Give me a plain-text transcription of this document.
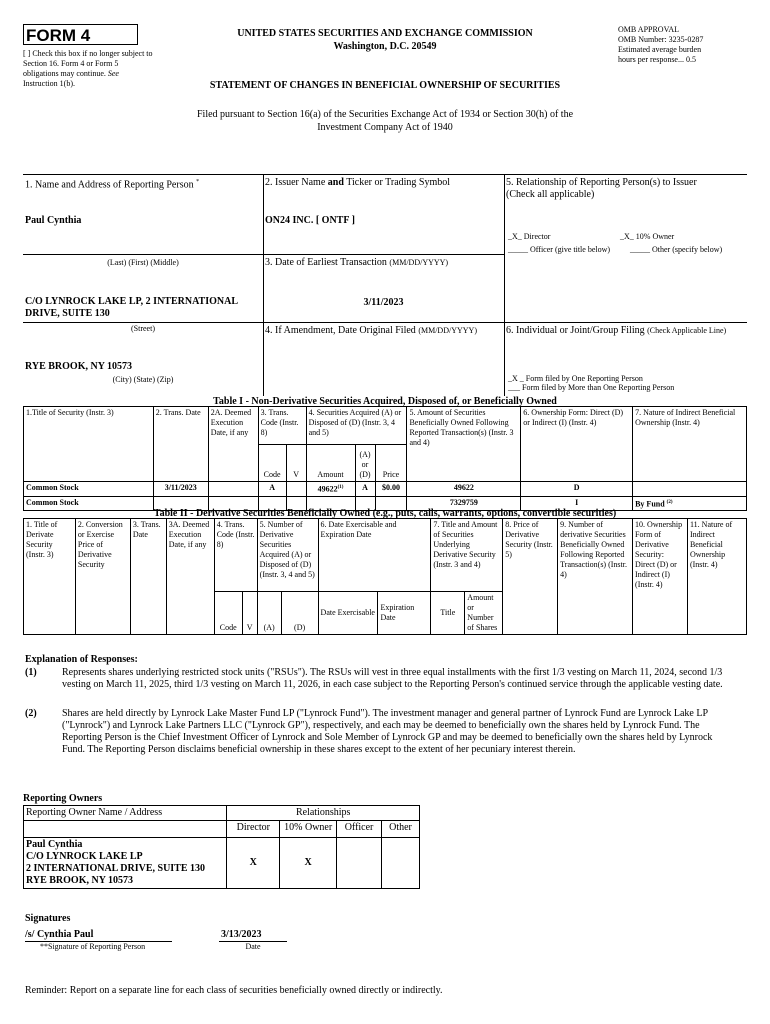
FORM 4
[ ] Check this box if no longer subject to Section 16. Form 4 or Form 5 obligations may continue. See Instruction 1(b).
UNITED STATES SECURITIES AND EXCHANGE COMMISSION
Washington, D.C. 20549
STATEMENT OF CHANGES IN BENEFICIAL OWNERSHIP OF SECURITIES
OMB APPROVAL
OMB Number: 3235-0287
Estimated average burden
hours per response... 0.5
Filed pursuant to Section 16(a) of the Securities Exchange Act of 1934 or Section 30(h) of the
Investment Company Act of 1940
1. Name and Address of Reporting Person *
Paul Cynthia
(Last) (First) (Middle)
C/O LYNROCK LAKE LP, 2 INTERNATIONAL DRIVE, SUITE 130
(Street)
RYE BROOK, NY 10573
(City) (State) (Zip)
2. Issuer Name and Ticker or Trading Symbol
ON24 INC. [ ONTF ]
3. Date of Earliest Transaction (MM/DD/YYYY)
3/11/2023
4. If Amendment, Date Original Filed (MM/DD/YYYY)
5. Relationship of Reporting Person(s) to Issuer
(Check all applicable)
_X_ Director	_X_ 10% Owner
_____ Officer (give title below) _____ Other (specify below)
6. Individual or Joint/Group Filing (Check Applicable Line)
_X _ Form filed by One Reporting Person
___ Form filed by More than One Reporting Person
Table I - Non-Derivative Securities Acquired, Disposed of, or Beneficially Owned
1.Title of Security (Instr. 3)	2. Trans. Date	2A. Deemed Execution Date, if any	3. Trans. Code (Instr. 8)		4. Securities Acquired (A) or Disposed of (D) (Instr. 3, 4 and 5)			5. Amount of Securities Beneficially Owned Following Reported Transaction(s) (Instr. 3 and 4)	6. Ownership Form: Direct (D) or Indirect (I) (Instr. 4)	7. Nature of Indirect Beneficial Ownership (Instr. 4)
			Code	V	Amount	(A) or (D)	Price			
Common Stock	3/11/2023		A		49622$^{(1)}$	A	$0.00	49622	D	
Common Stock								7329759	I	By Fund $^{(2)}$
Table II - Derivative Securities Beneficially Owned (e.g., puts, calls, warrants, options, convertible securities)
1. Title of Derivate Security (Instr. 3)	2. Conversion or Exercise Price of Derivative Security	3. Trans. Date	3A. Deemed Execution Date, if any	4. Trans. Code (Instr. 8)		5. Number of Derivative Securities Acquired (A) or Disposed of (D) (Instr. 3, 4 and 5)		6. Date Exercisable and Expiration Date		7. Title and Amount of Securities Underlying Derivative Security (Instr. 3 and 4)		8. Price of Derivative Security (Instr. 5)	9. Number of derivative Securities Beneficially Owned Following Reported Transaction(s) (Instr. 4)	10. Ownership Form of Derivative Security: Direct (D) or Indirect (I) (Instr. 4)	11. Nature of Indirect Beneficial Ownership (Instr. 4)
				Code	V	(A)	(D)	Date Exercisable	Expiration Date	Title	Amount or Number of Shares				
Explanation of Responses:
(1)	Represents shares underlying restricted stock units ("RSUs"). The RSUs will vest in three equal installments with the first 1/3 vesting on March 11, 2024, second 1/3 vesting on March 11, 2025, third 1/3 vesting on March 11, 2026, in each case subject to the Reporting Person's continued service through the applicable vesting date.
(2)	Shares are held directly by Lynrock Lake Master Fund LP ("Lynrock Fund"). The investment manager and general partner of Lynrock Fund are Lynrock Lake LP ("Lynrock") and Lynrock Lake Partners LLC ("Lynrock GP"), respectively, and each may be deemed to beneficially own the shares held by Lynrock Fund. The Reporting Person is the Chief Investment Officer of Lynrock and Sole Member of Lynrock GP and may be deemed to beneficially own the shares held by Lynrock Fund. The Reporting Person disclaims beneficial ownership in these shares except to the extent of her pecuniary interest therein.
Reporting Owners
Reporting Owner Name / Address	Relationships			
	Director	10% Owner	Officer	Other

Paul Cynthia
C/O LYNROCK LAKE LP
2 INTERNATIONAL DRIVE, SUITE 130
RYE BROOK, NY 10573	X	X		
Signatures
/s/ Cynthia Paul	3/13/2023
**Signature of Reporting Person	Date
Reminder: Report on a separate line for each class of securities beneficially owned directly or indirectly.
